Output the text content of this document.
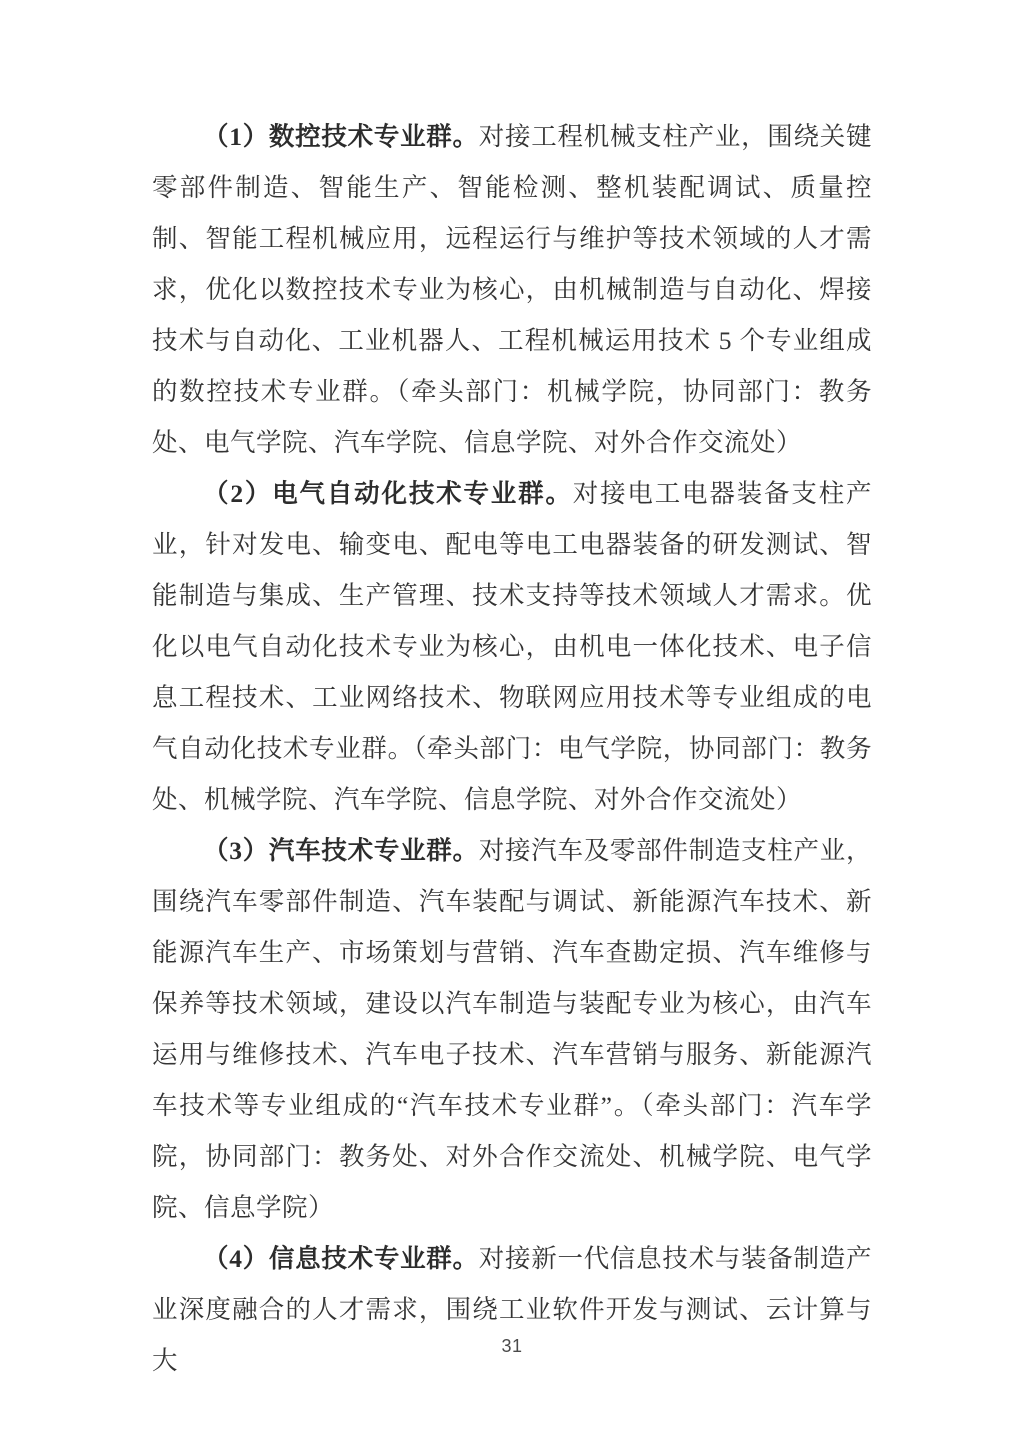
（1）数控技术专业群。对接工程机械支柱产业，围绕关键零部件制造、智能生产、智能检测、整机装配调试、质量控制、智能工程机械应用，远程运行与维护等技术领域的人才需求，优化以数控技术专业为核心，由机械制造与自动化、焊接技术与自动化、工业机器人、工程机械运用技术 5 个专业组成的数控技术专业群。（牵头部门：机械学院，协同部门：教务处、电气学院、汽车学院、信息学院、对外合作交流处）

（2）电气自动化技术专业群。对接电工电器装备支柱产业，针对发电、输变电、配电等电工电器装备的研发测试、智能制造与集成、生产管理、技术支持等技术领域人才需求。优化以电气自动化技术专业为核心，由机电一体化技术、电子信息工程技术、工业网络技术、物联网应用技术等专业组成的电气自动化技术专业群。（牵头部门：电气学院，协同部门：教务处、机械学院、汽车学院、信息学院、对外合作交流处）

（3）汽车技术专业群。对接汽车及零部件制造支柱产业，围绕汽车零部件制造、汽车装配与调试、新能源汽车技术、新能源汽车生产、市场策划与营销、汽车查勘定损、汽车维修与保养等技术领域，建设以汽车制造与装配专业为核心，由汽车运用与维修技术、汽车电子技术、汽车营销与服务、新能源汽车技术等专业组成的“汽车技术专业群”。（牵头部门：汽车学院，协同部门：教务处、对外合作交流处、机械学院、电气学院、信息学院）

（4）信息技术专业群。对接新一代信息技术与装备制造产业深度融合的人才需求，围绕工业软件开发与测试、云计算与大	31
